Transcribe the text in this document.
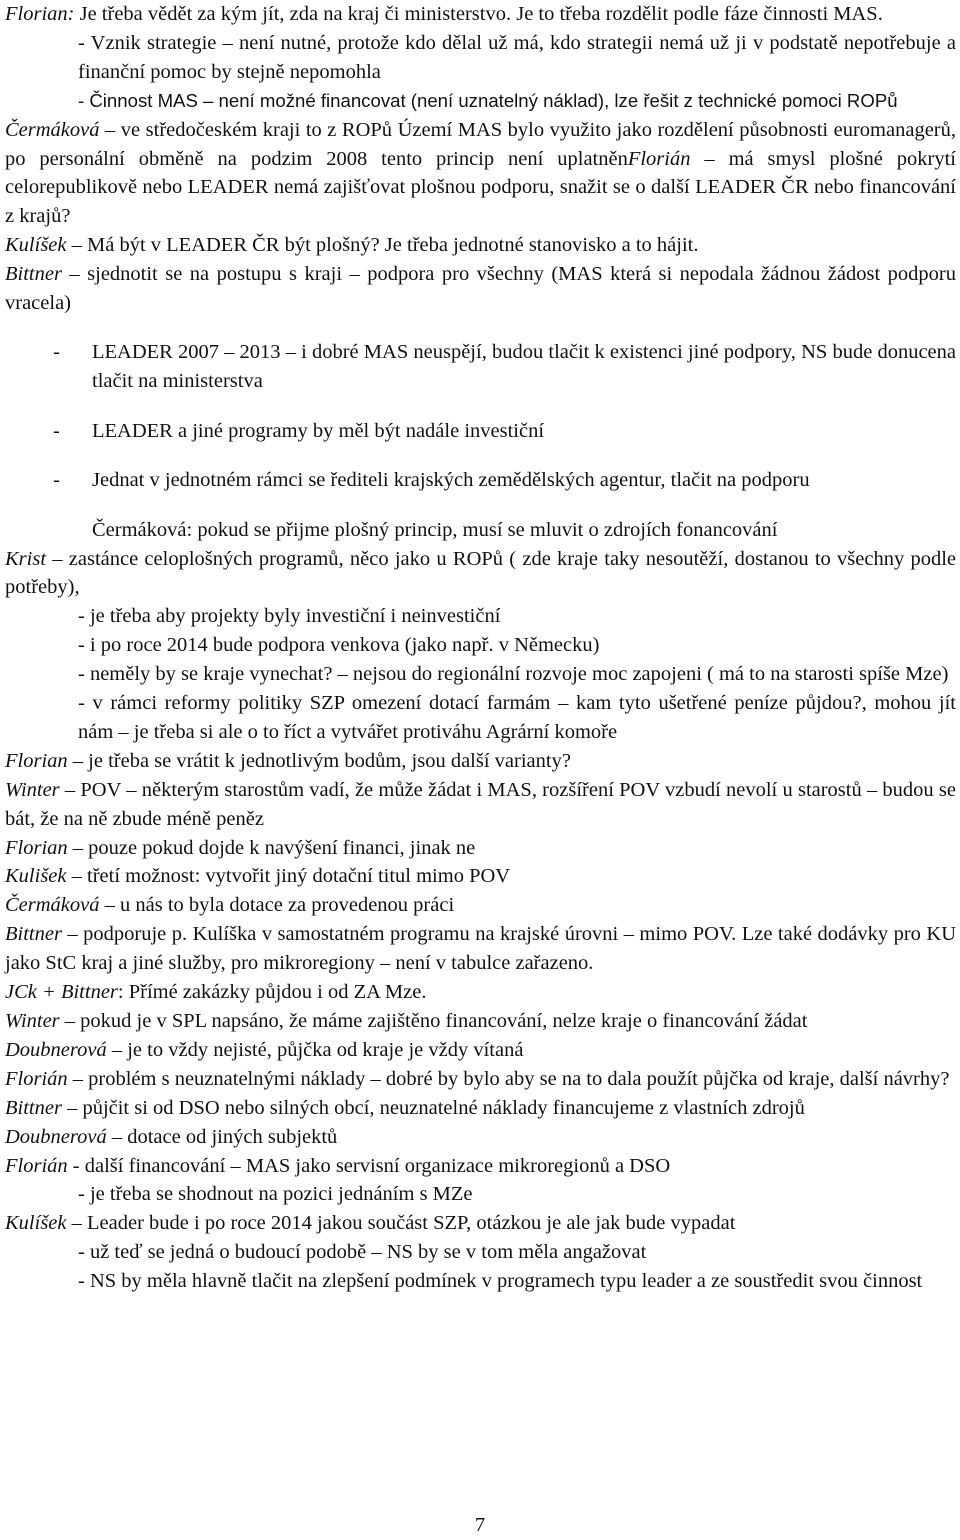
Florian: Je třeba vědět za kým jít, zda na kraj či ministerstvo. Je to třeba rozdělit podle fáze činnosti MAS.

- Vznik strategie – není nutné, protože kdo dělal už má, kdo strategii nemá už ji v podstatě nepotřebuje a finanční pomoc by stejně nepomohla

- Činnost MAS – není možné financovat (není uznatelný náklad), lze řešit z technické pomoci ROPů

Čermáková – ve středočeském kraji to z ROPů Území MAS bylo využito jako rozdělení působnosti euromanagerů, po personální obměně na podzim 2008 tento princip není uplatněnFlorián – má smysl plošné pokrytí celorepublikově nebo LEADER nemá zajišťovat plošnou podporu, snažit se o další LEADER ČR nebo financování z krajů?

Kulíšek – Má být v LEADER ČR být plošný? Je třeba jednotné stanovisko a to hájit.

Bittner – sjednotit se na postupu s kraji – podpora pro všechny (MAS která si nepodala žádnou žádost podporu vracela)

- LEADER 2007 – 2013 – i dobré MAS neuspějí, budou tlačit k existenci jiné podpory, NS bude donucena tlačit na ministerstva

- LEADER a jiné programy by měl být nadále investiční

- Jednat v jednotném rámci se řediteli krajských zemědělských agentur, tlačit na podporu

Čermáková: pokud se přijme plošný princip, musí se mluvit o zdrojích fonancování

Krist – zastánce celoplošných programů, něco jako u ROPů ( zde kraje taky nesoutěží, dostanou to všechny podle potřeby),

- je třeba aby projekty byly investiční i neinvestiční

- i po roce 2014 bude podpora venkova (jako např. v Německu)

- neměly by se kraje vynechat? – nejsou do regionální rozvoje moc zapojeni ( má to na starosti spíše Mze)

- v rámci reformy politiky SZP omezení dotací farmám – kam tyto ušetřené peníze půjdou?, mohou jít nám – je třeba si ale o to říct a vytvářet protiváhu Agrární komoře

Florian – je třeba se vrátit k jednotlivým bodům, jsou další varianty?

Winter – POV – některým starostům vadí, že může žádat i MAS, rozšíření POV vzbudí nevolí u starostů – budou se bát, že na ně zbude méně peněz

Florian – pouze pokud dojde k navýšení financi, jinak ne

Kulišek – třetí možnost: vytvořit jiný dotační titul mimo POV

Čermáková – u nás to byla dotace za provedenou práci

Bittner – podporuje p. Kulíška v samostatném programu na krajské úrovni – mimo POV. Lze také dodávky pro KU jako StC kraj a jiné služby, pro mikroregiony – není v tabulce zařazeno.

JCk + Bittner: Přímé zakázky půjdou i od ZA Mze.

Winter – pokud je v SPL napsáno, že máme zajištěno financování, nelze kraje o financování žádat

Doubnerová – je to vždy nejisté, půjčka od kraje je vždy vítaná

Florián – problém s neuznatelnými náklady – dobré by bylo aby se na to dala použít půjčka od kraje, další návrhy?

Bittner – půjčit si od DSO nebo silných obcí, neuznatelné náklady financujeme z vlastních zdrojů

Doubnerová – dotace od jiných subjektů

Florián - další financování – MAS jako servisní organizace mikroregionů a DSO

- je třeba se shodnout na pozici jednáním s MZe

Kulíšek – Leader bude i po roce 2014 jakou součást SZP, otázkou je ale jak bude vypadat

- už teď se jedná o budoucí podobě – NS by se v tom měla angažovat

- NS by měla hlavně tlačit na zlepšení podmínek v programech typu leader a ze soustředit svou činnost

7
